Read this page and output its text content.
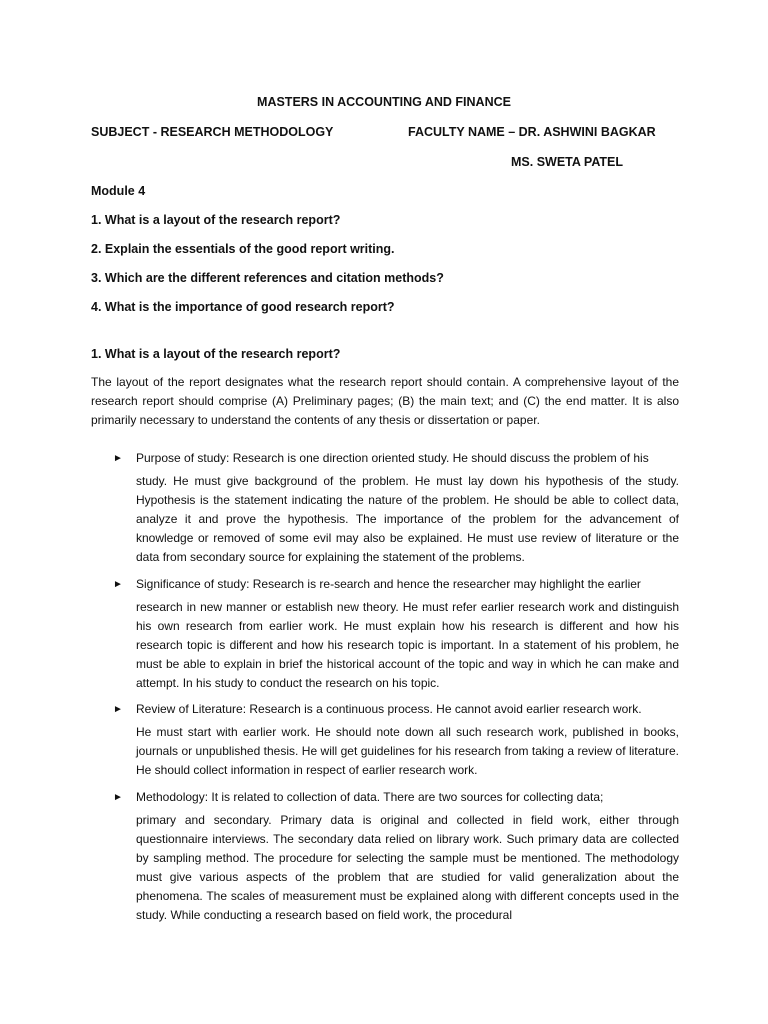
MASTERS IN ACCOUNTING AND FINANCE
SUBJECT - RESEARCH METHODOLOGY	FACULTY NAME – DR. ASHWINI BAGKAR
MS. SWETA PATEL
Module 4
1. What is a layout of the research report?
2. Explain the essentials of the good report writing.
3. Which are the different references and citation methods?
4. What is the importance of good research report?
1. What is a layout of the research report?

The layout of the report designates what the research report should contain. A comprehensive layout of the research report should comprise (A) Preliminary pages; (B) the main text; and (C) the end matter. It is also primarily necessary to understand the contents of any thesis or dissertation or paper.

► Purpose of study: Research is one direction oriented study. He should discuss the problem of his

study. He must give background of the problem. He must lay down his hypothesis of the study. Hypothesis is the statement indicating the nature of the problem. He should be able to collect data, analyze it and prove the hypothesis. The importance of the problem for the advancement of knowledge or removed of some evil may also be explained. He must use review of literature or the data from secondary source for explaining the statement of the problems.

► Significance of study: Research is re-search and hence the researcher may highlight the earlier

research in new manner or establish new theory. He must refer earlier research work and distinguish his own research from earlier work. He must explain how his research is different and how his research topic is different and how his research topic is important. In a statement of his problem, he must be able to explain in brief the historical account of the topic and way in which he can make and attempt. In his study to conduct the research on his topic.

► Review of Literature: Research is a continuous process. He cannot avoid earlier research work.

He must start with earlier work. He should note down all such research work, published in books, journals or unpublished thesis. He will get guidelines for his research from taking a review of literature. He should collect information in respect of earlier research work.

► Methodology: It is related to collection of data. There are two sources for collecting data;

primary and secondary. Primary data is original and collected in field work, either through questionnaire interviews. The secondary data relied on library work. Such primary data are collected by sampling method. The procedure for selecting the sample must be mentioned. The methodology must give various aspects of the problem that are studied for valid generalization about the phenomena. The scales of measurement must be explained along with different concepts used in the study. While conducting a research based on field work, the procedural
